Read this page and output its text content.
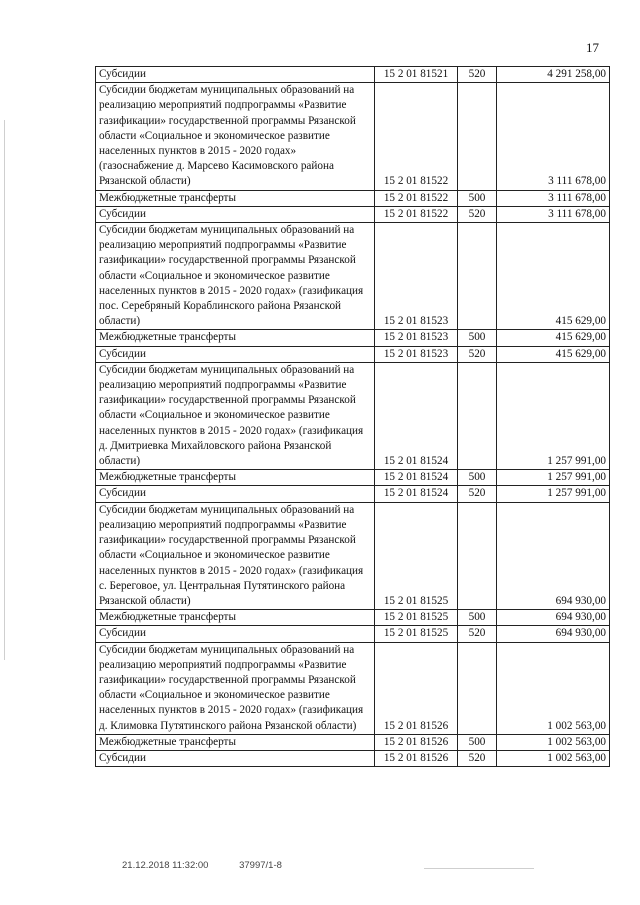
17
Субсидии	15 2 01 81521	520	4 291 258,00
Субсидии бюджетам муниципальных образований на реализацию мероприятий подпрограммы «Развитие газификации» государственной программы Рязанской области «Социальное и экономическое развитие населенных пунктов в 2015 - 2020 годах» (газоснабжение д. Марсево Касимовского района Рязанской области)	15 2 01 81522		3 111 678,00
Межбюджетные трансферты	15 2 01 81522	500	3 111 678,00
Субсидии	15 2 01 81522	520	3 111 678,00
Субсидии бюджетам муниципальных образований на реализацию мероприятий подпрограммы «Развитие газификации» государственной программы Рязанской области «Социальное и экономическое развитие населенных пунктов в 2015 - 2020 годах» (газификация пос. Серебряный Кораблинского района Рязанской области)	15 2 01 81523		415 629,00
Межбюджетные трансферты	15 2 01 81523	500	415 629,00
Субсидии	15 2 01 81523	520	415 629,00
Субсидии бюджетам муниципальных образований на реализацию мероприятий подпрограммы «Развитие газификации» государственной программы Рязанской области «Социальное и экономическое развитие населенных пунктов в 2015 - 2020 годах» (газификация д. Дмитриевка Михайловского района Рязанской области)	15 2 01 81524		1 257 991,00
Межбюджетные трансферты	15 2 01 81524	500	1 257 991,00
Субсидии	15 2 01 81524	520	1 257 991,00
Субсидии бюджетам муниципальных образований на реализацию мероприятий подпрограммы «Развитие газификации» государственной программы Рязанской области «Социальное и экономическое развитие населенных пунктов в 2015 - 2020 годах» (газификация с. Береговое, ул. Центральная Путятинского района Рязанской области)	15 2 01 81525		694 930,00
Межбюджетные трансферты	15 2 01 81525	500	694 930,00
Субсидии	15 2 01 81525	520	694 930,00
Субсидии бюджетам муниципальных образований на реализацию мероприятий подпрограммы «Развитие газификации» государственной программы Рязанской области «Социальное и экономическое развитие населенных пунктов в 2015 - 2020 годах» (газификация д. Климовка Путятинского района Рязанской области)	15 2 01 81526		1 002 563,00
Межбюджетные трансферты	15 2 01 81526	500	1 002 563,00
Субсидии	15 2 01 81526	520	1 002 563,00
21.12.2018 11:32:00	37997/1-8
